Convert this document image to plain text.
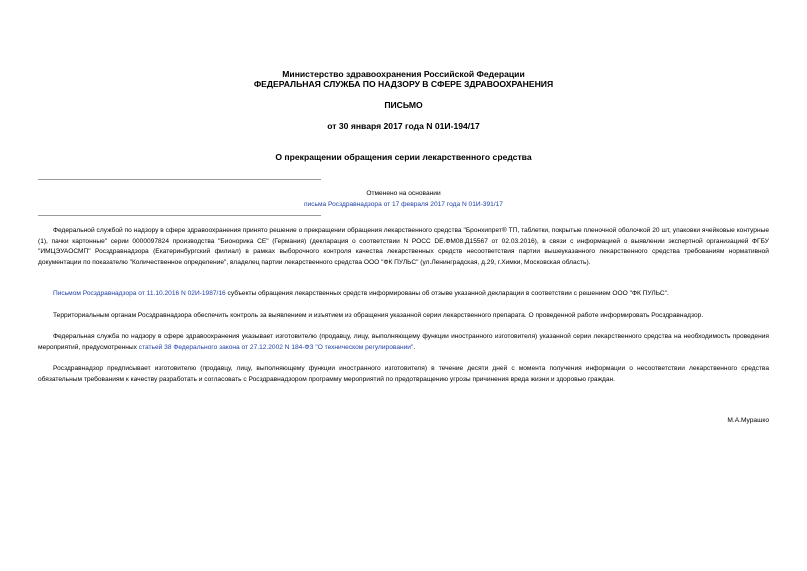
Министерство здравоохранения Российской Федерации
ФЕДЕРАЛЬНАЯ СЛУЖБА ПО НАДЗОРУ В СФЕРЕ ЗДРАВООХРАНЕНИЯ
ПИСЬМО
от 30 января 2017 года N 01И-194/17
О прекращении обращения серии лекарственного средства
Отменено на основании
письма Росздравнадзора от 17 февраля 2017 года N 01И-391/17
Федеральной службой по надзору в сфере здравоохранения принято решение о прекращении обращения лекарственного средства "Бронхипрет® ТП, таблетки, покрытые пленочной оболочкой 20 шт, упаковки ячейковые контурные (1), пачки картонные" серии 0000097824 производства "Бионорика СЕ" (Германия) (декларация о соответствии N РОСС DE.ФМ08.Д15567 от 02.03.2016), в связи с информацией о выявлении экспертной организацией ФГБУ "ИМЦЭУАОСМП" Росздравнадзора (Екатеринбургский филиал) в рамках выборочного контроля качества лекарственных средств несоответствия партии вышеуказанного лекарственного средства требованиям нормативной документации по показателю "Количественное определение", владелец партии лекарственного средства ООО "ФК ПУЛЬС" (ул.Ленинградская, д.29, г.Химки, Московская область).
Письмом Росздравнадзора от 11.10.2016 N 02И-1987/16 субъекты обращения лекарственных средств информированы об отзыве указанной декларации в соответствии с решением ООО "ФК ПУЛЬС".
Территориальным органам Росздравнадзора обеспечить контроль за выявлением и изъятием из обращения указанной серии лекарственного препарата. О проведенной работе информировать Росздравнадзор.
Федеральная служба по надзору в сфере здравоохранения указывает изготовителю (продавцу, лицу, выполняющему функции иностранного изготовителя) указанной серии лекарственного средства на необходимость проведения мероприятий, предусмотренных статьей 38 Федерального закона от 27.12.2002 N 184-ФЗ "О техническом регулировании".
Росздравнадзор предписывает изготовителю (продавцу, лицу, выполняющему функции иностранного изготовителя) в течение десяти дней с момента получения информации о несоответствии лекарственного средства обязательным требованиям к качеству разработать и согласовать с Росздравнадзором программу мероприятий по предотвращению угрозы причинения вреда жизни и здоровью граждан.
М.А.Мурашко
